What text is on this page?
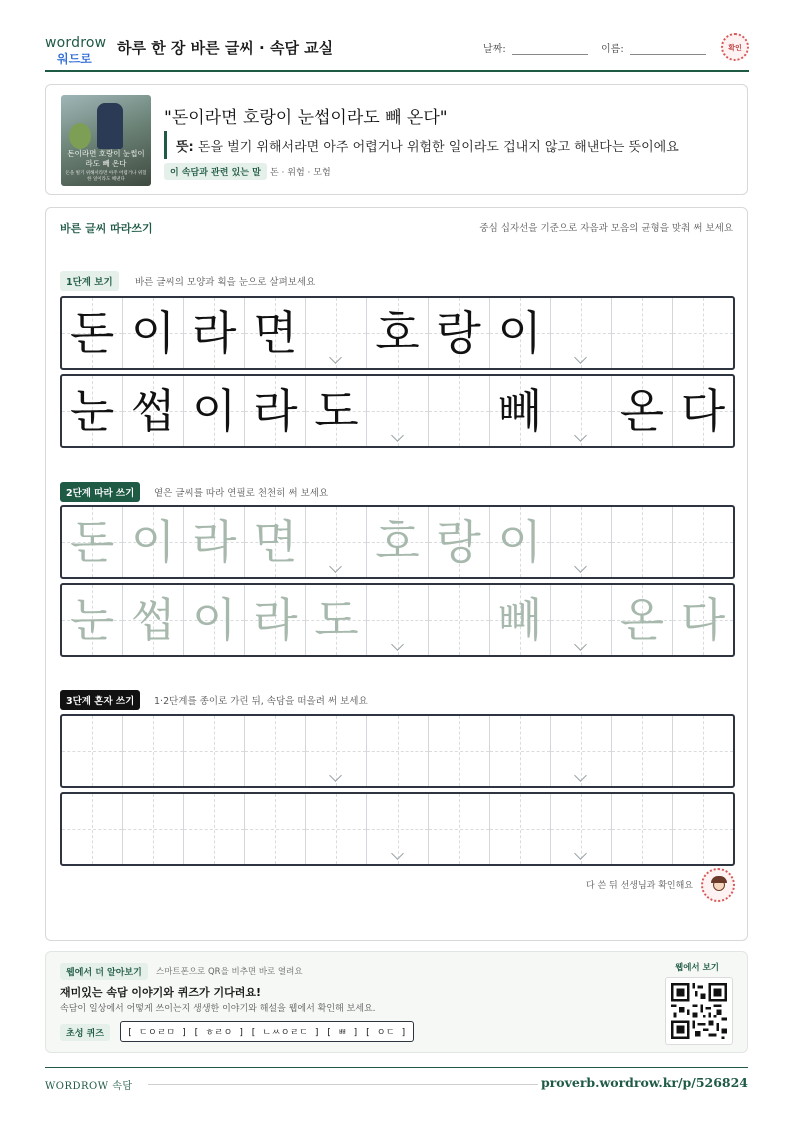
wordrow
워드로
하루 한 장 바른 글씨 · 속담 교실	날짜:	이름:	확인
돈이라면 호랑이 눈썹이라도 빼 온다
돈을 벌기 위해서라면 아주 어렵거나 위험한 일이라도 해낸다
"돈이라면 호랑이 눈썹이라도 빼 온다"
뜻: 돈을 벌기 위해서라면 아주 어렵거나 위험한 일이라도 겁내지 않고 해낸다는 뜻이에요
이 속담과 관련 있는 말	돈 · 위험 · 모험
바른 글씨 따라쓰기	중심 십자선을 기준으로 자음과 모음의 균형을 맞춰 써 보세요
1단계 보기	바른 글씨의 모양과 획을 눈으로 살펴보세요
돈 이 라 면 호 랑 이
눈 썹 이 라 도	빼 온 다
2단계 따라 쓰기	옅은 글씨를 따라 연필로 천천히 써 보세요
돈 이 라 면 호 랑 이
눈 썹 이 라 도	빼 온 다
3단계 혼자 쓰기	1·2단계를 종이로 가린 뒤, 속담을 떠올려 써 보세요
다 쓴 뒤 선생님과 확인해요
웹에서 더 알아보기	스마트폰으로 QR을 비추면 바로 열려요
재미있는 속담 이야기와 퀴즈가 기다려요!
속담이 일상에서 어떻게 쓰이는지 생생한 이야기와 해설을 웹에서 확인해 보세요.
초성 퀴즈	[ ㄷㅇㄹㅁ ] [ ㅎㄹㅇ ] [ ㄴㅆㅇㄹㄷ ] [ ㅃ ] [ ㅇㄷ ]
웹에서 보기
WORDROW 속담	proverb.wordrow.kr/p/526824
